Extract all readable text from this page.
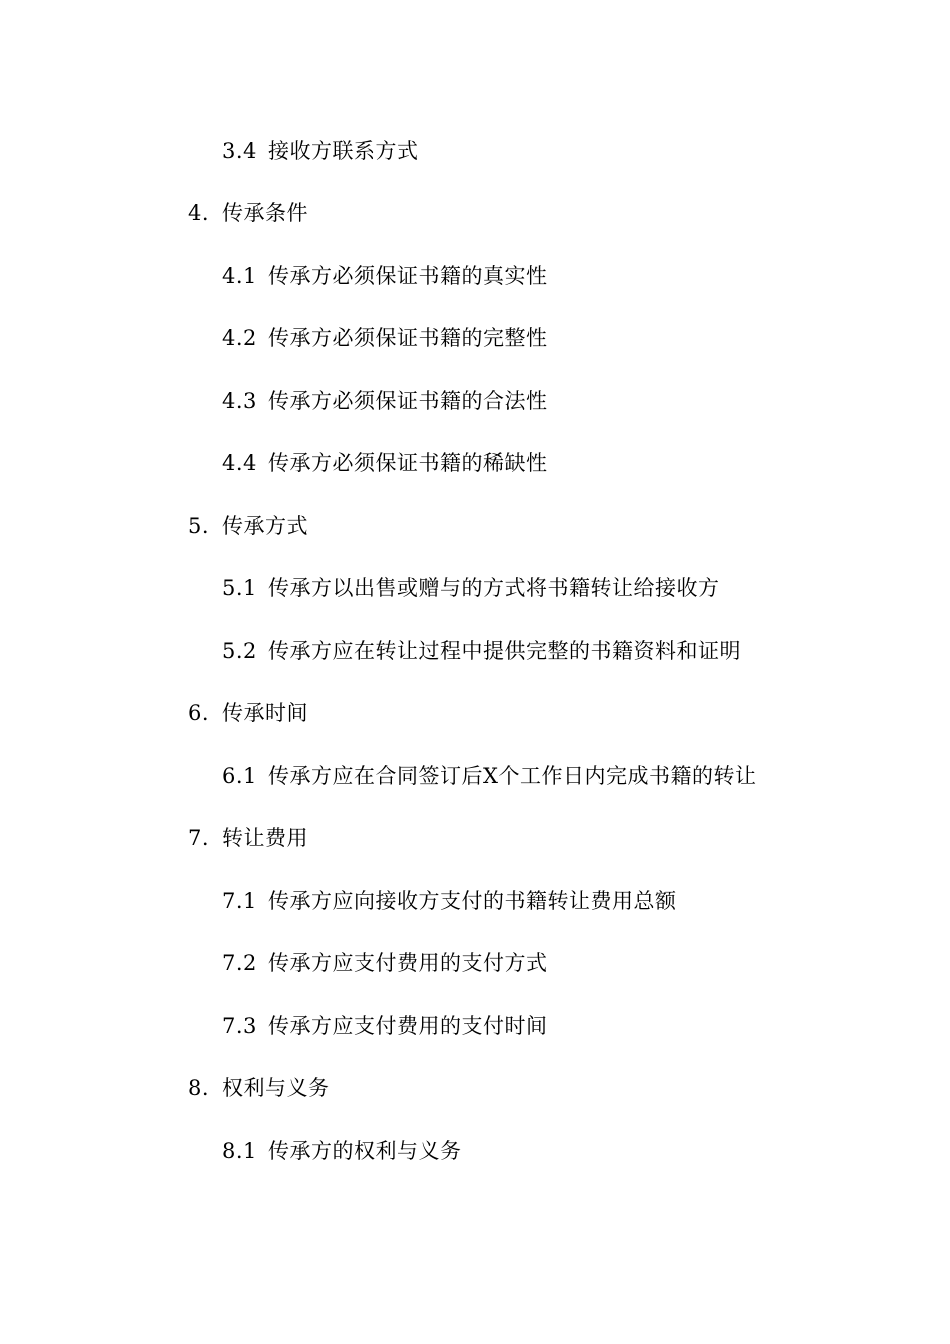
3.4 接收方联系方式
4. 传承条件
4.1 传承方必须保证书籍的真实性
4.2 传承方必须保证书籍的完整性
4.3 传承方必须保证书籍的合法性
4.4 传承方必须保证书籍的稀缺性
5. 传承方式
5.1 传承方以出售或赠与的方式将书籍转让给接收方
5.2 传承方应在转让过程中提供完整的书籍资料和证明
6. 传承时间
6.1 传承方应在合同签订后X个工作日内完成书籍的转让
7. 转让费用
7.1 传承方应向接收方支付的书籍转让费用总额
7.2 传承方应支付费用的支付方式
7.3 传承方应支付费用的支付时间
8. 权利与义务
8.1 传承方的权利与义务
